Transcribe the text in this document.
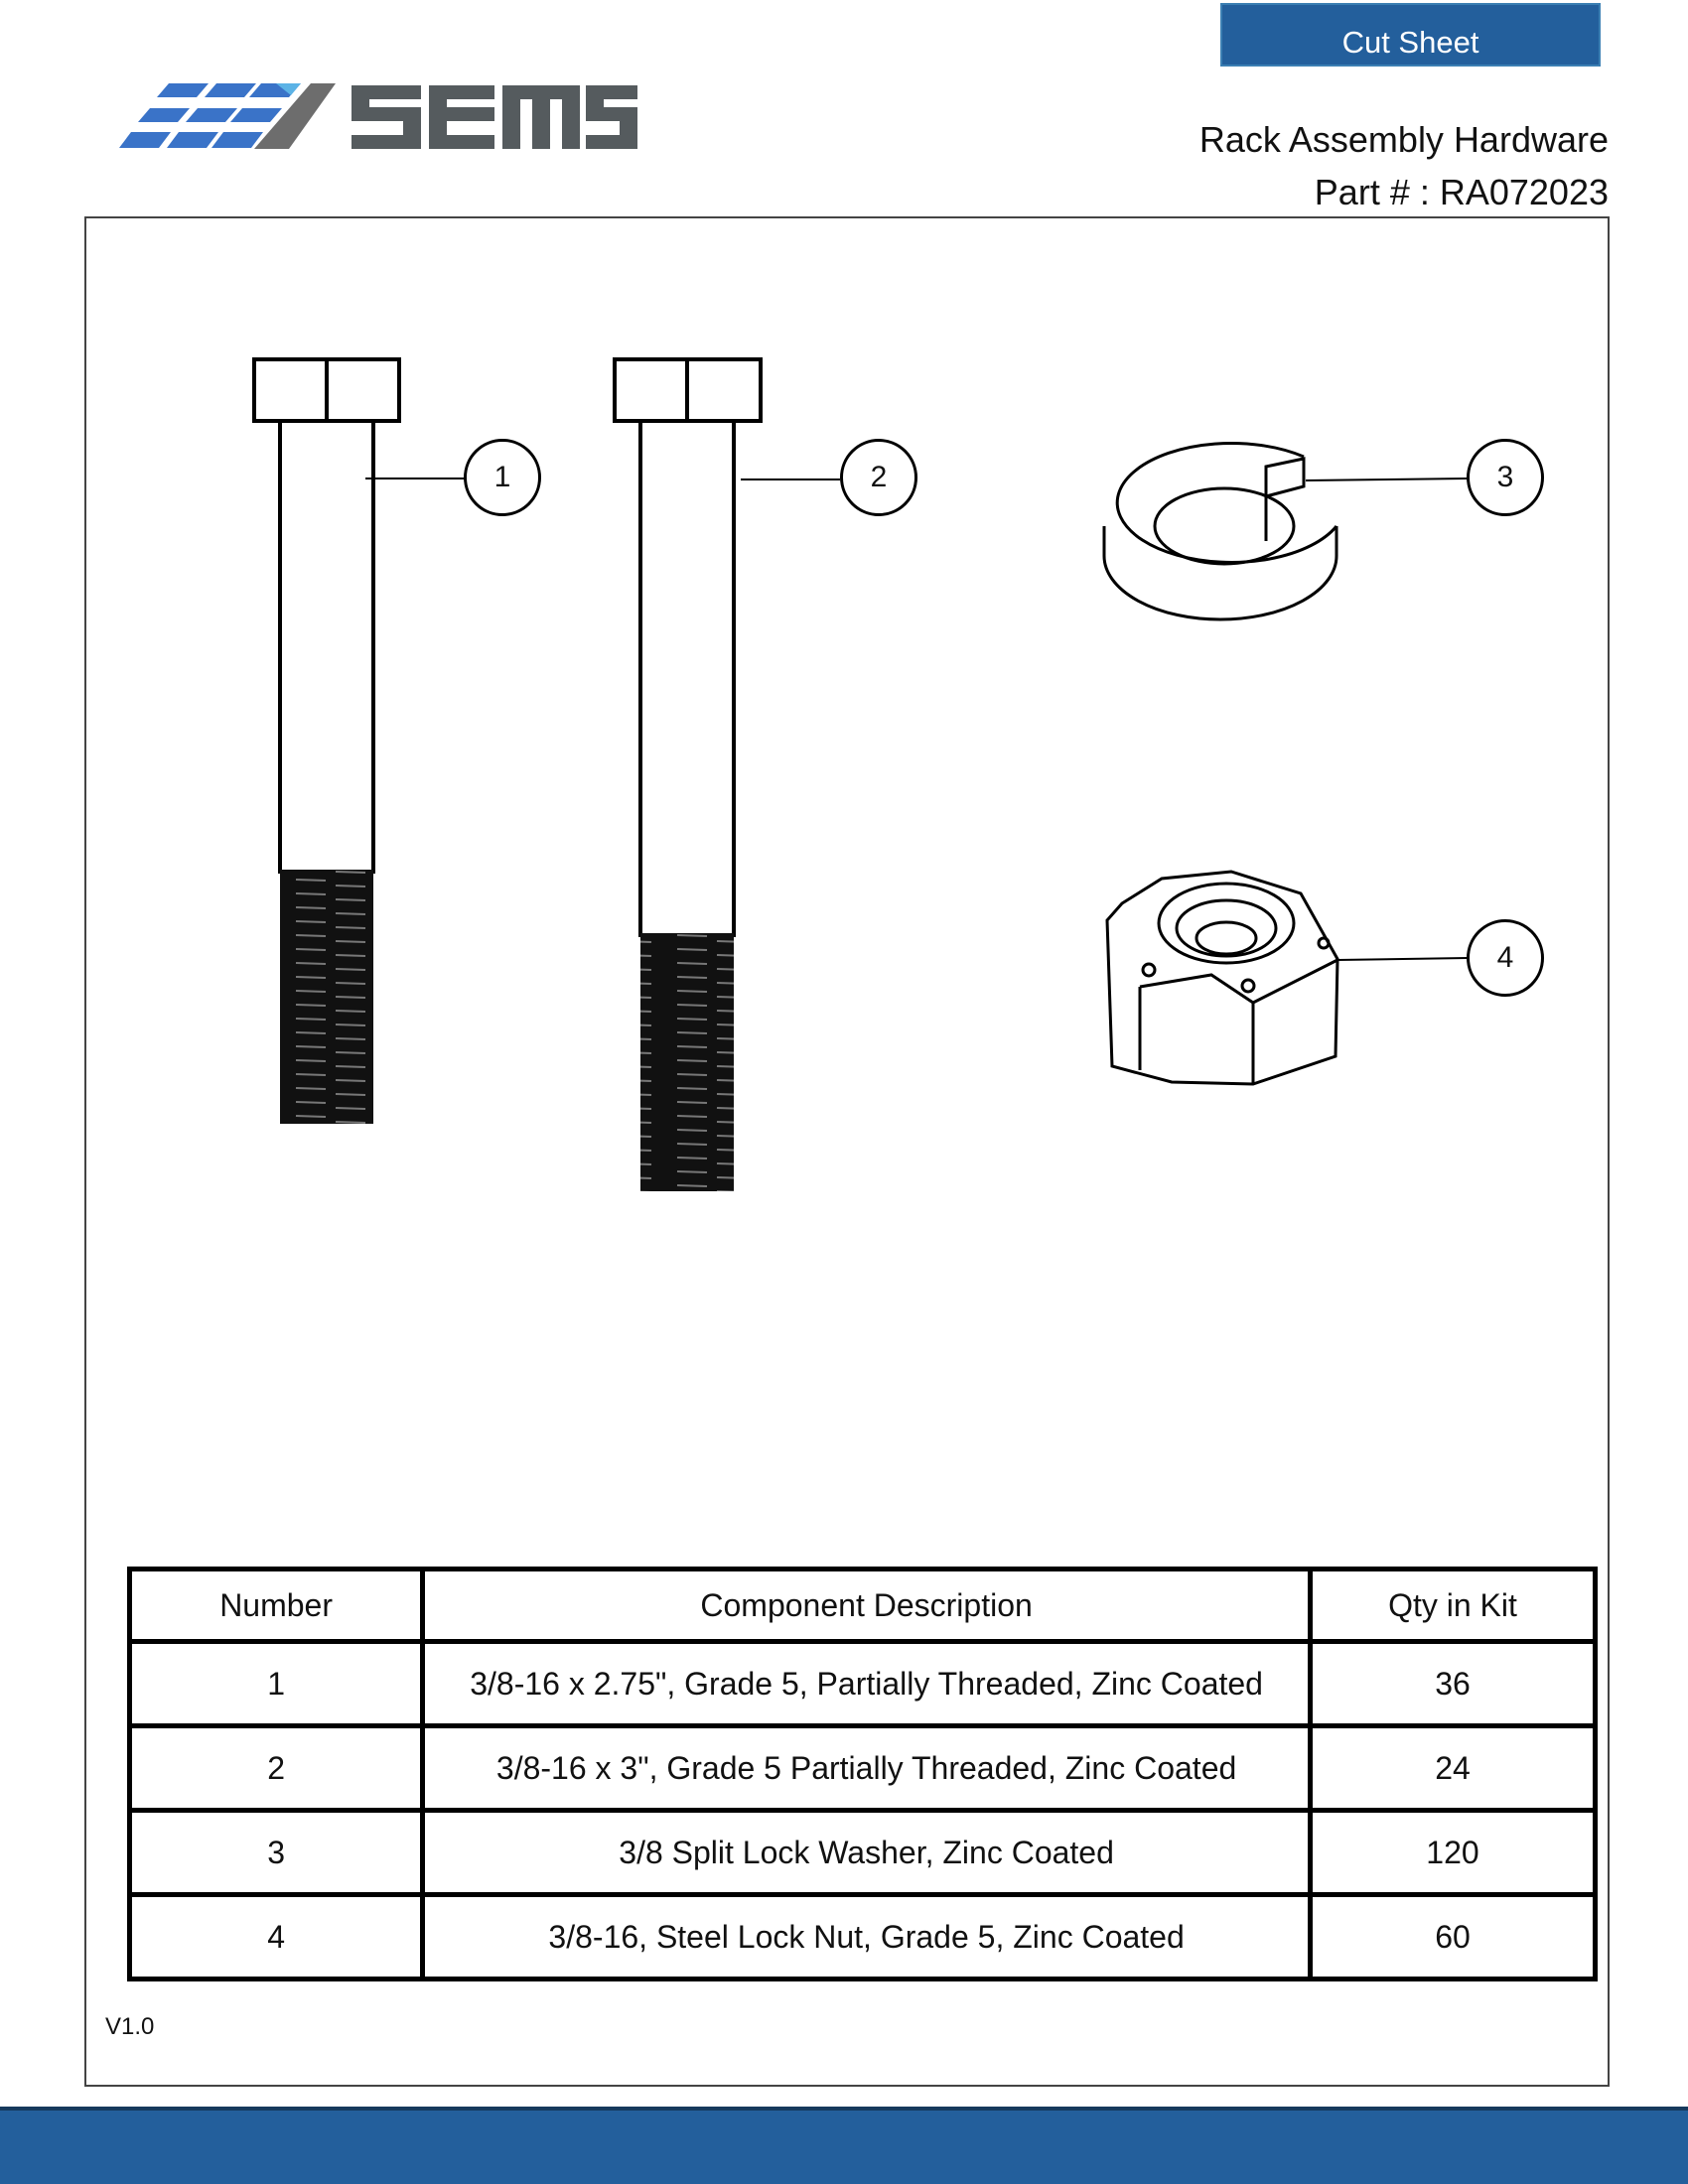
Cut Sheet
Rack Assembly Hardware
Part # : RA072023
1	2	3
4
Number	Component Description	Qty in Kit
1	3/8-16 x 2.75", Grade 5, Partially Threaded, Zinc Coated	36
2	3/8-16 x 3", Grade 5 Partially Threaded, Zinc Coated	24
3	3/8 Split Lock Washer, Zinc Coated	120
4	3/8-16, Steel Lock Nut, Grade 5, Zinc Coated	60
V1.0
